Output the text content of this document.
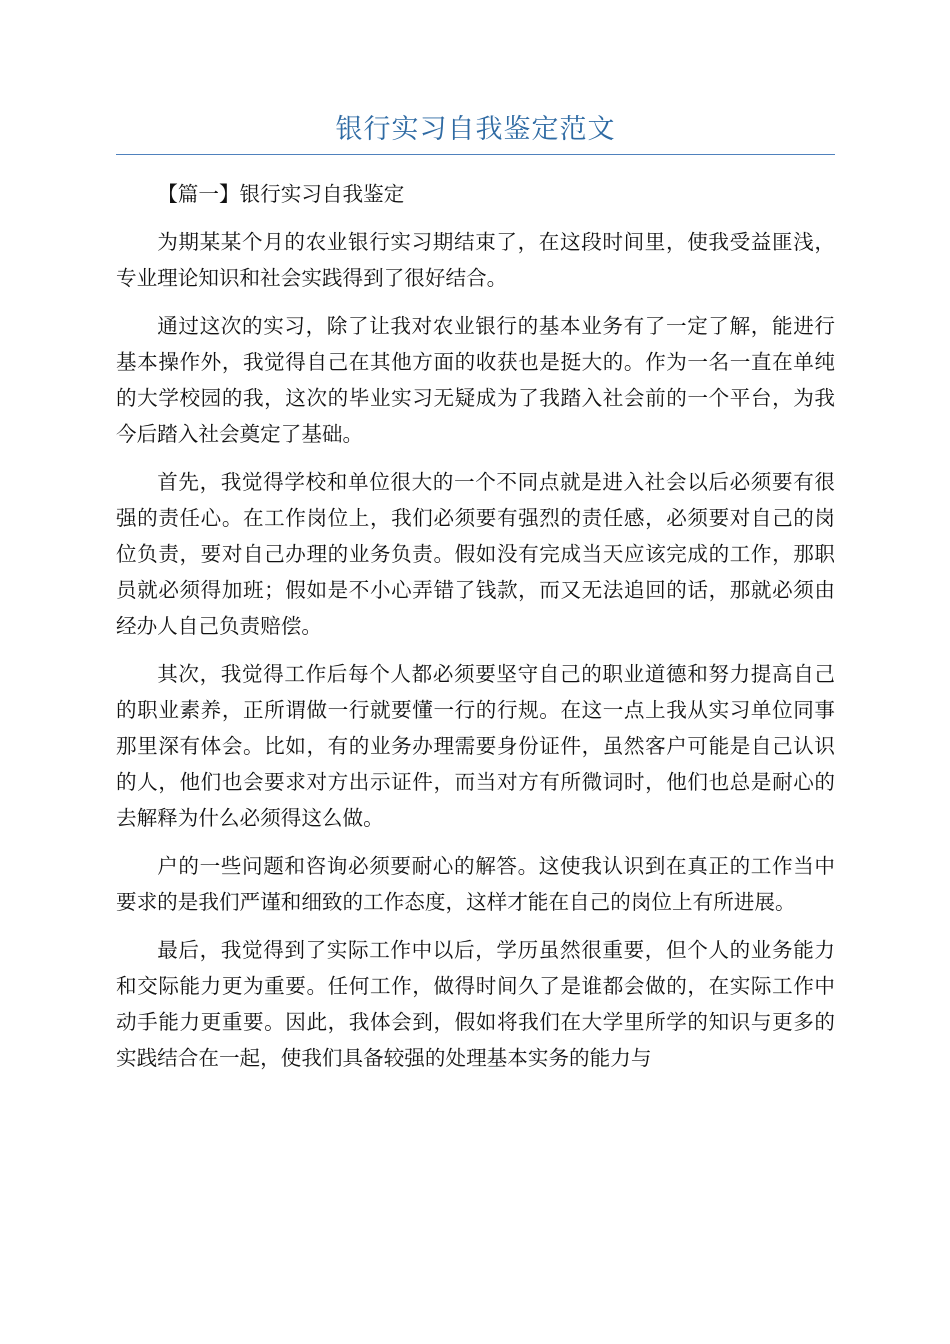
银行实习自我鉴定范文

【篇一】银行实习自我鉴定

为期某某个月的农业银行实习期结束了，在这段时间里，使我受益匪浅，专业理论知识和社会实践得到了很好结合。

通过这次的实习，除了让我对农业银行的基本业务有了一定了解，能进行基本操作外，我觉得自己在其他方面的收获也是挺大的。作为一名一直在单纯的大学校园的我，这次的毕业实习无疑成为了我踏入社会前的一个平台，为我今后踏入社会奠定了基础。

首先，我觉得学校和单位很大的一个不同点就是进入社会以后必须要有很强的责任心。在工作岗位上，我们必须要有强烈的责任感，必须要对自己的岗位负责，要对自己办理的业务负责。假如没有完成当天应该完成的工作，那职员就必须得加班；假如是不小心弄错了钱款，而又无法追回的话，那就必须由经办人自己负责赔偿。

其次，我觉得工作后每个人都必须要坚守自己的职业道德和努力提高自己的职业素养，正所谓做一行就要懂一行的行规。在这一点上我从实习单位同事那里深有体会。比如，有的业务办理需要身份证件，虽然客户可能是自己认识的人，他们也会要求对方出示证件，而当对方有所微词时，他们也总是耐心的去解释为什么必须得这么做。

户的一些问题和咨询必须要耐心的解答。这使我认识到在真正的工作当中要求的是我们严谨和细致的工作态度，这样才能在自己的岗位上有所进展。

最后，我觉得到了实际工作中以后，学历虽然很重要，但个人的业务能力和交际能力更为重要。任何工作，做得时间久了是谁都会做的，在实际工作中动手能力更重要。因此，我体会到，假如将我们在大学里所学的知识与更多的实践结合在一起，使我们具备较强的处理基本实务的能力与
